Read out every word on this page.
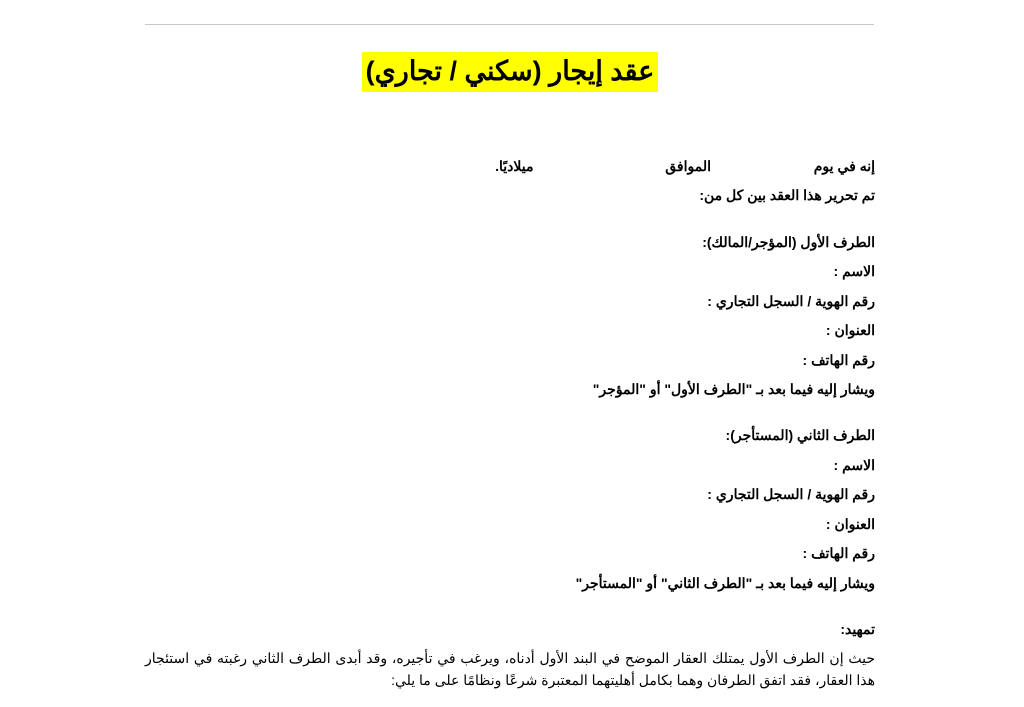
عقد إيجار (سكني / تجاري)
إنه في يوم  الموافق  ميلاديًا.
تم تحرير هذا العقد بين كل من:
الطرف الأول (المؤجر/المالك):
الاسم :
رقم الهوية / السجل التجاري :
العنوان :
رقم الهاتف :
ويشار إليه فيما بعد بـ "الطرف الأول" أو "المؤجر"
الطرف الثاني (المستأجر):
الاسم :
رقم الهوية / السجل التجاري :
العنوان :
رقم الهاتف :
ويشار إليه فيما بعد بـ "الطرف الثاني" أو "المستأجر"
تمهيد:
حيث إن الطرف الأول يمتلك العقار الموضح في البند الأول أدناه، ويرغب في تأجيره، وقد أبدى الطرف الثاني رغبته في استئجار هذا العقار، فقد اتفق الطرفان وهما بكامل أهليتهما المعتبرة شرعًا ونظامًا على ما يلي:
